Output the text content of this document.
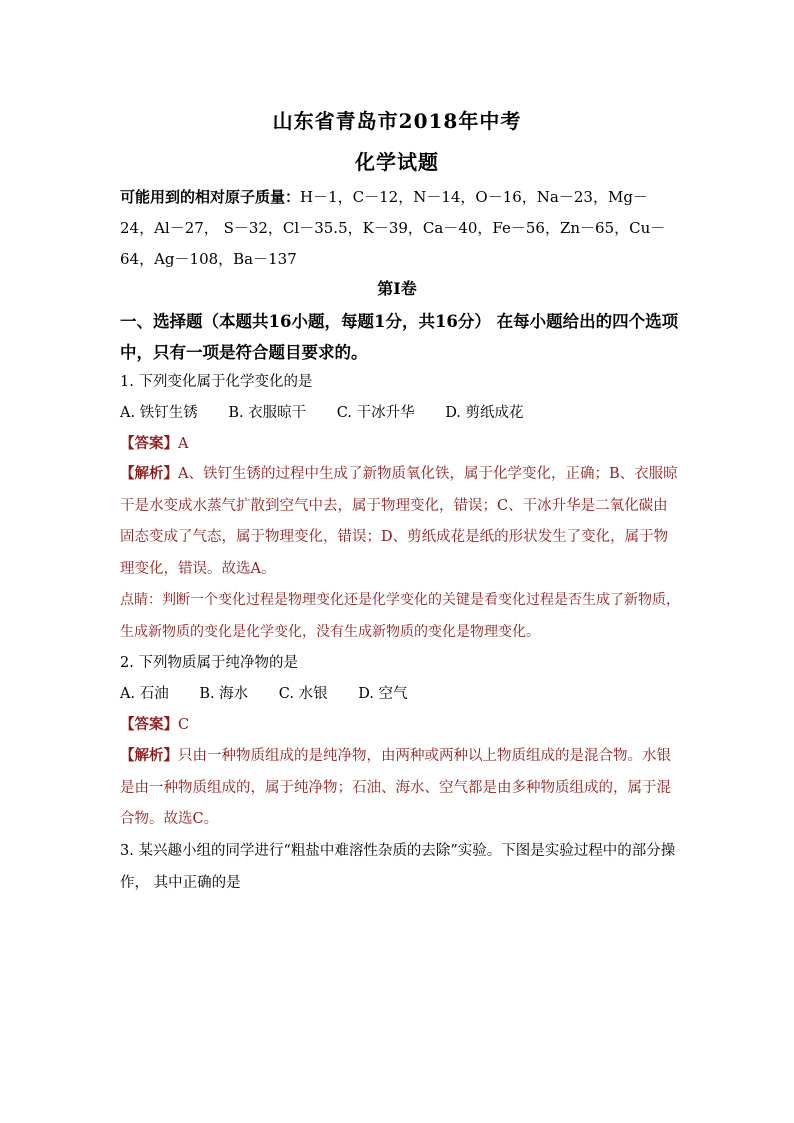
山东省青岛市2018年中考
化学试题
可能用到的相对原子质量：H－1，C－12，N－14，O－16，Na－23，Mg－24，Al－27， S－32，Cl－35.5，K－39，Ca－40，Fe－56，Zn－65，Cu－64，Ag－108，Ba－137
第Ⅰ卷
一、选择题（本题共16小题，每题1分，共16分） 在每小题给出的四个选项中，只有一项是符合题目要求的。
1. 下列变化属于化学变化的是
A. 铁钉生锈 B. 衣服晾干 C. 干冰升华 D. 剪纸成花
【答案】A
【解析】A、铁钉生锈的过程中生成了新物质氧化铁，属于化学变化，正确；B、衣服晾干是水变成水蒸气扩散到空气中去，属于物理变化，错误；C、干冰升华是二氧化碳由固态变成了气态，属于物理变化，错误；D、剪纸成花是纸的形状发生了变化，属于物理变化，错误。故选A。
点睛：判断一个变化过程是物理变化还是化学变化的关键是看变化过程是否生成了新物质，生成新物质的变化是化学变化，没有生成新物质的变化是物理变化。
2. 下列物质属于纯净物的是
A. 石油 B. 海水 C. 水银 D. 空气
【答案】C
【解析】只由一种物质组成的是纯净物，由两种或两种以上物质组成的是混合物。水银是由一种物质组成的，属于纯净物；石油、海水、空气都是由多种物质组成的，属于混合物。故选C。
3. 某兴趣小组的同学进行“粗盐中难溶性杂质的去除”实验。下图是实验过程中的部分操作， 其中正确的是
